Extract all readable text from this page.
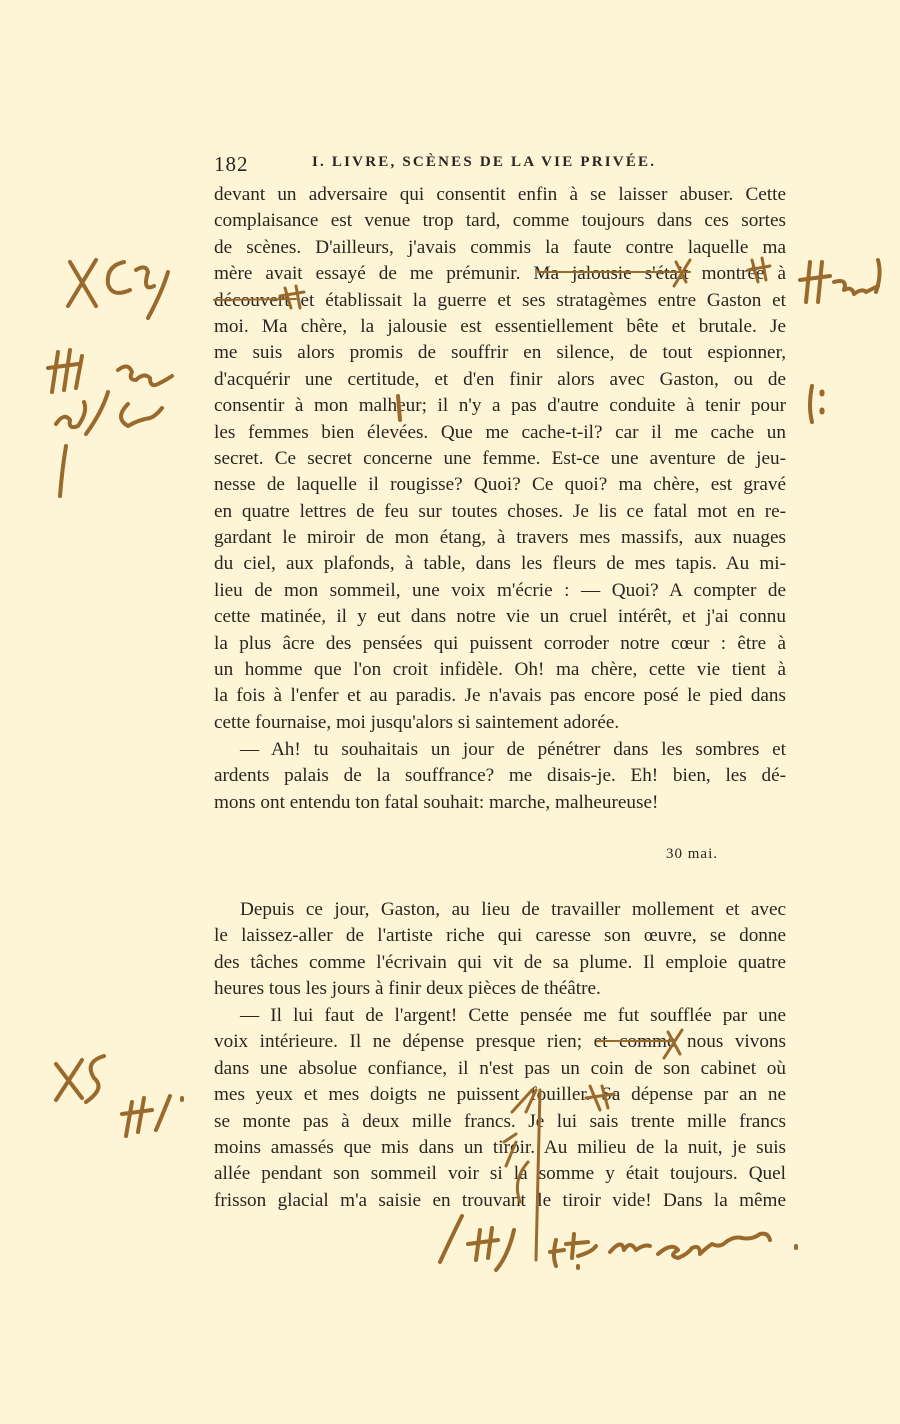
182	I. LIVRE, SCÈNES DE LA VIE PRIVÉE.
devant un adversaire qui consentit enfin à se laisser abuser. Cette
complaisance est venue trop tard, comme toujours dans ces sortes
de scènes. D'ailleurs, j'avais commis la faute contre laquelle ma
mère avait essayé de me prémunir. Ma jalousie s'était montrée à
découvert et établissait la guerre et ses stratagèmes entre Gaston et
moi. Ma chère, la jalousie est essentiellement bête et brutale. Je
me suis alors promis de souffrir en silence, de tout espionner,
d'acquérir une certitude, et d'en finir alors avec Gaston, ou de
consentir à mon malheur; il n'y a pas d'autre conduite à tenir pour
les femmes bien élevées. Que me cache-t-il? car il me cache un
secret. Ce secret concerne une femme. Est-ce une aventure de jeu-
nesse de laquelle il rougisse? Quoi? Ce quoi? ma chère, est gravé
en quatre lettres de feu sur toutes choses. Je lis ce fatal mot en re-
gardant le miroir de mon étang, à travers mes massifs, aux nuages
du ciel, aux plafonds, à table, dans les fleurs de mes tapis. Au mi-
lieu de mon sommeil, une voix m'écrie : — Quoi? A compter de
cette matinée, il y eut dans notre vie un cruel intérêt, et j'ai connu
la plus âcre des pensées qui puissent corroder notre cœur : être à
un homme que l'on croit infidèle. Oh! ma chère, cette vie tient à
la fois à l'enfer et au paradis. Je n'avais pas encore posé le pied dans
cette fournaise, moi jusqu'alors si saintement adorée.
— Ah! tu souhaitais un jour de pénétrer dans les sombres et
ardents palais de la souffrance? me disais-je. Eh! bien, les dé-
mons ont entendu ton fatal souhait: marche, malheureuse!
30 mai.
Depuis ce jour, Gaston, au lieu de travailler mollement et avec
le laissez-aller de l'artiste riche qui caresse son œuvre, se donne
des tâches comme l'écrivain qui vit de sa plume. Il emploie quatre
heures tous les jours à finir deux pièces de théâtre.
— Il lui faut de l'argent! Cette pensée me fut soufflée par une
voix intérieure. Il ne dépense presque rien; et comme nous vivons
dans une absolue confiance, il n'est pas un coin de son cabinet où
mes yeux et mes doigts ne puissent fouiller. Sa dépense par an ne
se monte pas à deux mille francs. Je lui sais trente mille francs
moins amassés que mis dans un tiroir. Au milieu de la nuit, je suis
allée pendant son sommeil voir si la somme y était toujours. Quel
frisson glacial m'a saisie en trouvant le tiroir vide! Dans la même
